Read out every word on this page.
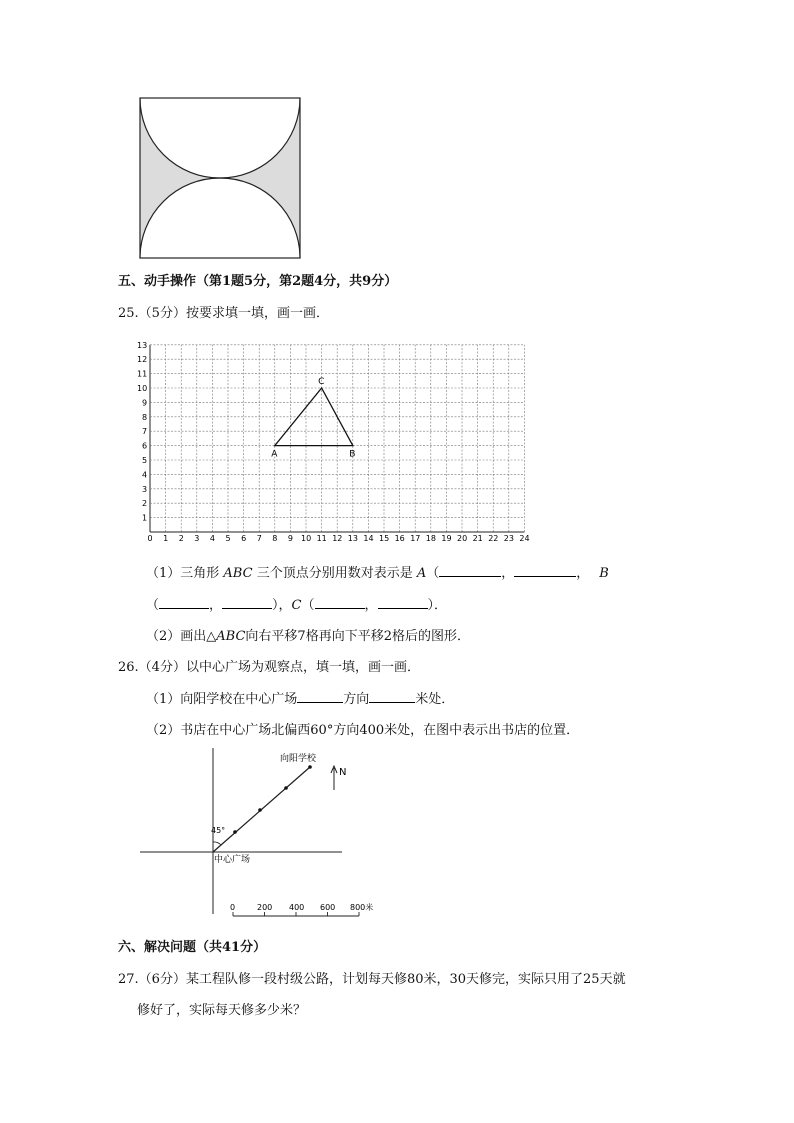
五、动手操作（第1题5分，第2题4分，共9分）
25.（5分）按要求填一填，画一画．
0 1 2 3 4 5 6 7 8 9 10 11 12 13 14 15 16 17 18 19 20 21 22 23 24
1
2
3
4
5
6
7
8
9
10
11
12
13
A	B
C
（1）三角形 ABC 三个顶点分别用数对表示是 A（	，	， B
（	，	），C（	，	）．
（2）画出△ABC向右平移7格再向下平移2格后的图形．
26.（4分）以中心广场为观察点，填一填，画一画．
（1）向阳学校在中心广场	方向	米处．
（2）书店在中心广场北偏西60°方向400米处，在图中表示出书店的位置．
45°
中心广场
向阳学校
N
0	200 400 600 800米
六、解决问题（共41分）
27.（6分）某工程队修一段村级公路，计划每天修80米，30天修完，实际只用了25天就
修好了，实际每天修多少米？
